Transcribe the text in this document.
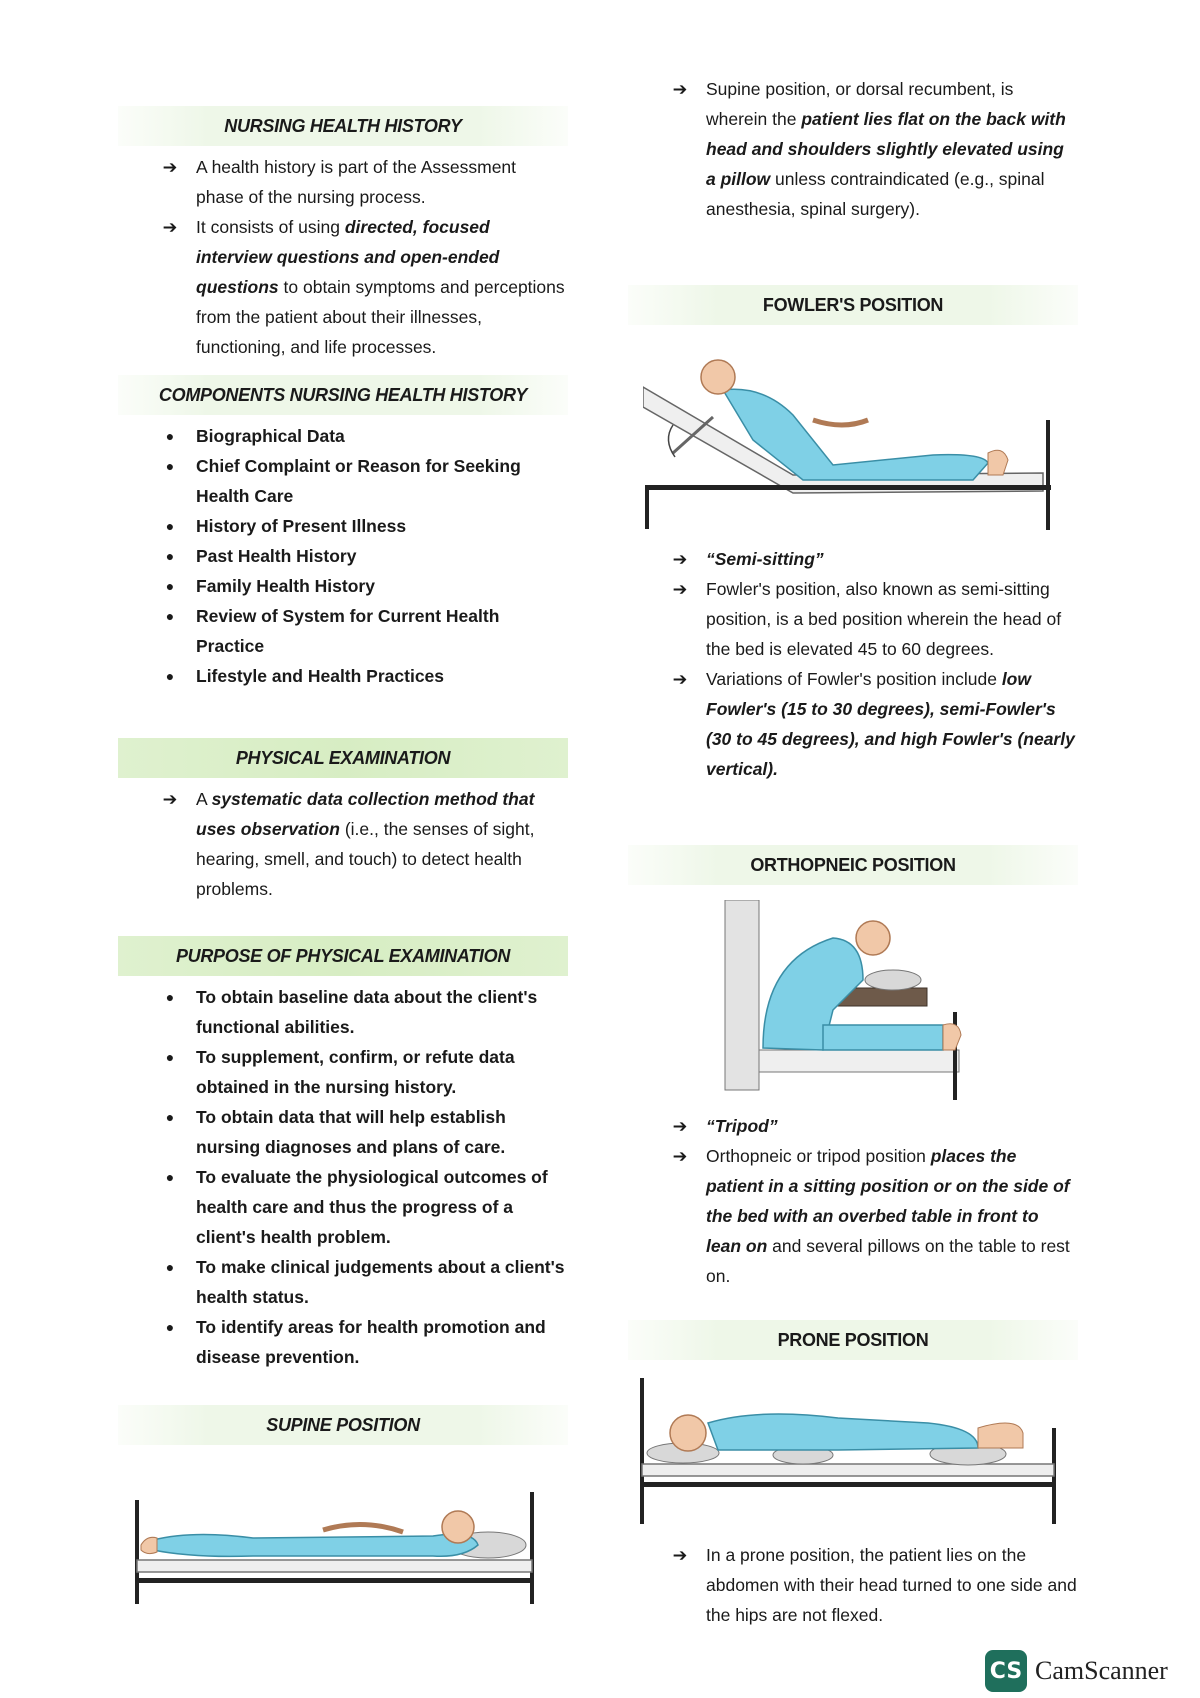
NURSING HEALTH HISTORY
➔ A health history is part of the Assessment phase of the nursing process.
➔ It consists of using directed, focused interview questions and open-ended questions to obtain symptoms and perceptions from the patient about their illnesses, functioning, and life processes.
COMPONENTS NURSING HEALTH HISTORY
●	Biographical Data
●	Chief Complaint or Reason for Seeking Health Care
●	History of Present Illness
●	Past Health History
●	Family Health History
●	Review of System for Current Health Practice
●	Lifestyle and Health Practices
PHYSICAL EXAMINATION
➔ A systematic data collection method that uses observation (i.e., the senses of sight, hearing, smell, and touch) to detect health problems.
PURPOSE OF PHYSICAL EXAMINATION
●	To obtain baseline data about the client's functional abilities.
●	To supplement, confirm, or refute data obtained in the nursing history.
●	To obtain data that will help establish nursing diagnoses and plans of care.
●	To evaluate the physiological outcomes of health care and thus the progress of a client's health problem.
●	To make clinical judgements about a client's health status.
●	To identify areas for health promotion and disease prevention.
SUPINE POSITION
➔ Supine position, or dorsal recumbent, is wherein the patient lies flat on the back with head and shoulders slightly elevated using a pillow unless contraindicated (e.g., spinal anesthesia, spinal surgery).
FOWLER'S POSITION
➔ “Semi-sitting”
➔ Fowler's position, also known as semi-sitting position, is a bed position wherein the head of the bed is elevated 45 to 60 degrees.
➔ Variations of Fowler's position include low Fowler's (15 to 30 degrees), semi-Fowler's (30 to 45 degrees), and high Fowler's (nearly vertical).
ORTHOPNEIC POSITION
➔ “Tripod”
➔ Orthopneic or tripod position places the patient in a sitting position or on the side of the bed with an overbed table in front to lean on and several pillows on the table to rest on.
PRONE POSITION
➔ In a prone position, the patient lies on the abdomen with their head turned to one side and the hips are not flexed.
CS CamScanner
